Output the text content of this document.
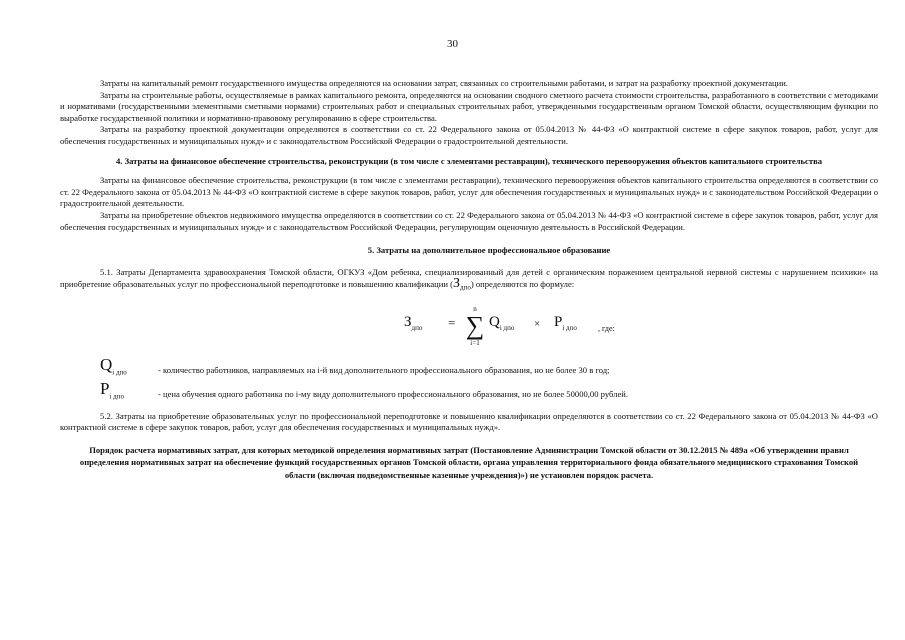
30

Затраты на капитальный ремонт государственного имущества определяются на основании затрат, связанных со строительными работами, и затрат на разработку проектной документации.

Затраты на строительные работы, осуществляемые в рамках капитального ремонта, определяются на основании сводного сметного расчета стоимости строительства, разработанного в соответствии с методиками и нормативами (государственными элементными сметными нормами) строительных работ и специальных строительных работ, утвержденными государственным органом Томской области, осуществляющим функции по выработке государственной политики и нормативно-правовому регулированию в сфере строительства.

Затраты на разработку проектной документации определяются в соответствии со ст. 22 Федерального закона от 05.04.2013 № 44-ФЗ «О контрактной системе в сфере закупок товаров, работ, услуг для обеспечения государственных и муниципальных нужд» и с законодательством Российской Федерации о градостроительной деятельности.

4. Затраты на финансовое обеспечение строительства, реконструкции (в том числе с элементами реставрации), технического перевооружения объектов капитального строительства

Затраты на финансовое обеспечение строительства, реконструкции (в том числе с элементами реставрации), технического перевооружения объектов капитального строительства определяются в соответствии со ст. 22 Федерального закона от 05.04.2013 № 44-ФЗ «О контрактной системе в сфере закупок товаров, работ, услуг для обеспечения государственных и муниципальных нужд» и с законодательством Российской Федерации о градостроительной деятельности.

Затраты на приобретение объектов недвижимого имущества определяются в соответствии со ст. 22 Федерального закона от 05.04.2013 № 44-ФЗ «О контрактной системе в сфере закупок товаров, работ, услуг для обеспечения государственных и муниципальных нужд» и с законодательством Российской Федерации, регулирующим оценочную деятельность в Российской Федерации.

5. Затраты на дополнительное профессиональное образование

5.1. Затраты Департамента здравоохранения Томской области, ОГКУЗ «Дом ребенка, специализированный для детей с органическим поражением центральной нервной системы с нарушением психики» на приобретение образовательных услуг по профессиональной переподготовке и повышению квалификации $(З_{дпо})$ определяются по формуле:

$З_{дпо}$ =
n
∑
i=1
$Q_{i дпо} \times P_{i дпо}$	, где:
$Q_{i дпо}$	- количество работников, направляемых на i-й вид дополнительного профессионального образования, но не более 30 в год;
$P_{i дпо}$	- цена обучения одного работника по i-му виду дополнительного профессионального образования, но не более 50000,00 рублей.

5.2. Затраты на приобретение образовательных услуг по профессиональной переподготовке и повышению квалификации определяются в соответствии со ст. 22 Федерального закона от 05.04.2013 № 44-ФЗ «О контрактной системе в сфере закупок товаров, работ, услуг для обеспечения государственных и муниципальных нужд».

Порядок расчета нормативных затрат, для которых методикой определения нормативных затрат (Постановление Администрации Томской области от 30.12.2015 № 489а «Об утверждении правил определения нормативных затрат на обеспечение функций государственных органов Томской области, органа управления территориального фонда обязательного медицинского страхования Томской области (включая подведомственные казенные учреждения)») не установлен порядок расчета.
